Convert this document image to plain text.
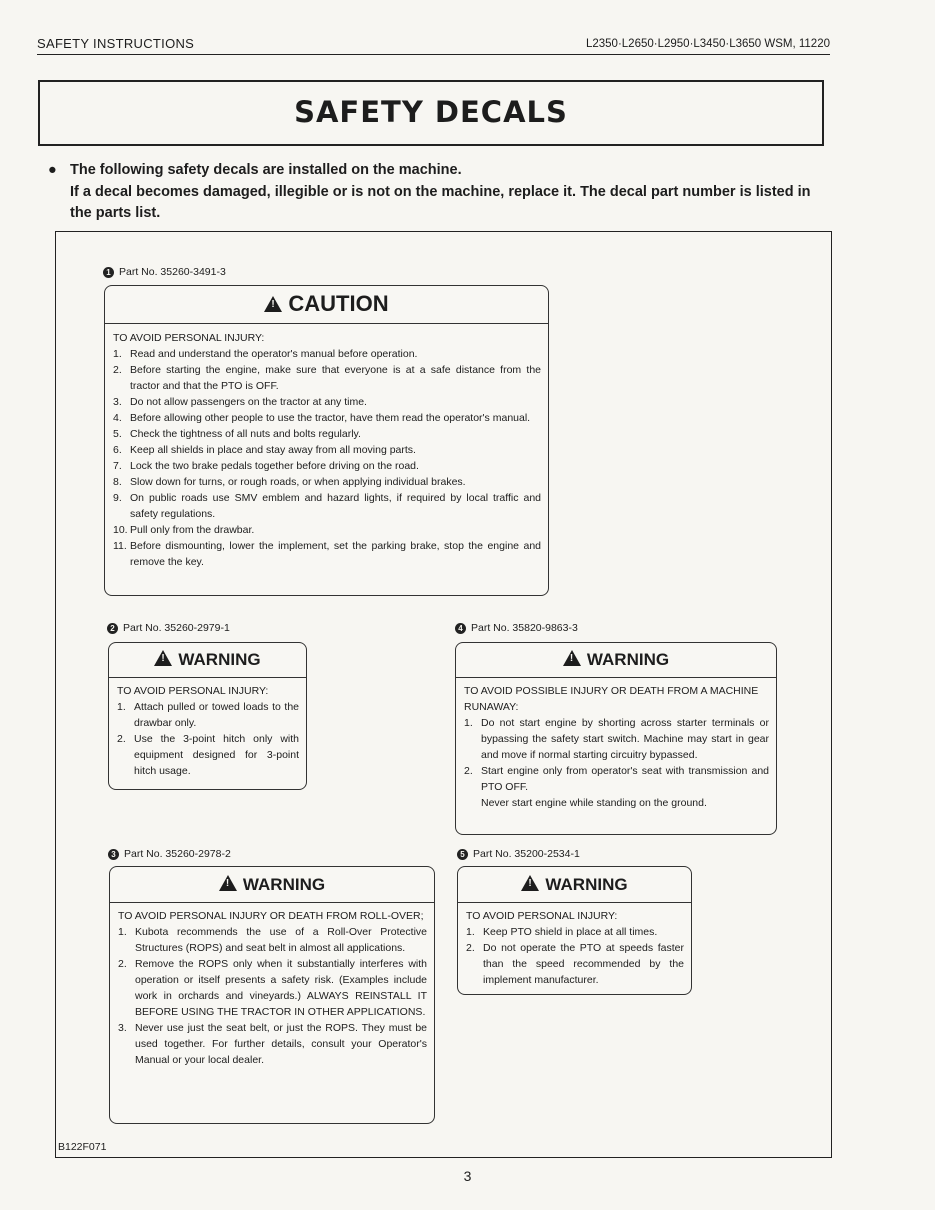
SAFETY INSTRUCTIONS	L2350·L2650·L2950·L3450·L3650 WSM, 11220
SAFETY DECALS
● The following safety decals are installed on the machine.
If a decal becomes damaged, illegible or is not on the machine, replace it. The decal part number is listed in the parts list.
1 Part No. 35260-3491-3
!CAUTION
TO AVOID PERSONAL INJURY:
1. Read and understand the operator's manual before operation.
2. Before starting the engine, make sure that everyone is at a safe distance from the tractor and that the PTO is OFF.
3. Do not allow passengers on the tractor at any time.
4. Before allowing other people to use the tractor, have them read the operator's manual.
5. Check the tightness of all nuts and bolts regularly.
6. Keep all shields in place and stay away from all moving parts.
7. Lock the two brake pedals together before driving on the road.
8. Slow down for turns, or rough roads, or when applying individual brakes.
9. On public roads use SMV emblem and hazard lights, if required by local traffic and safety regulations.
10. Pull only from the drawbar.
11. Before dismounting, lower the implement, set the parking brake, stop the engine and remove the key.
2 Part No. 35260-2979-1
!WARNING
TO AVOID PERSONAL INJURY:
1. Attach pulled or towed loads to the drawbar only.
2. Use the 3-point hitch only with equipment designed for 3-point hitch usage.
4 Part No. 35820-9863-3
!WARNING
TO AVOID POSSIBLE INJURY OR DEATH FROM A MACHINE RUNAWAY:
1. Do not start engine by shorting across starter terminals or bypassing the safety start switch. Machine may start in gear and move if normal starting circuitry bypassed.
2. Start engine only from operator's seat with transmission and PTO OFF.
Never start engine while standing on the ground.
3 Part No. 35260-2978-2
!WARNING
TO AVOID PERSONAL INJURY OR DEATH FROM ROLL-OVER;
1. Kubota recommends the use of a Roll-Over Protective Structures (ROPS) and seat belt in almost all applications.
2. Remove the ROPS only when it substantially interferes with operation or itself presents a safety risk. (Examples include work in orchards and vineyards.) ALWAYS REINSTALL IT BEFORE USING THE TRACTOR IN OTHER APPLICATIONS.
3. Never use just the seat belt, or just the ROPS. They must be used together. For further details, consult your Operator's Manual or your local dealer.
5 Part No. 35200-2534-1
!WARNING
TO AVOID PERSONAL INJURY:
1. Keep PTO shield in place at all times.
2. Do not operate the PTO at speeds faster than the speed recommended by the implement manufacturer.
B122F071
3
